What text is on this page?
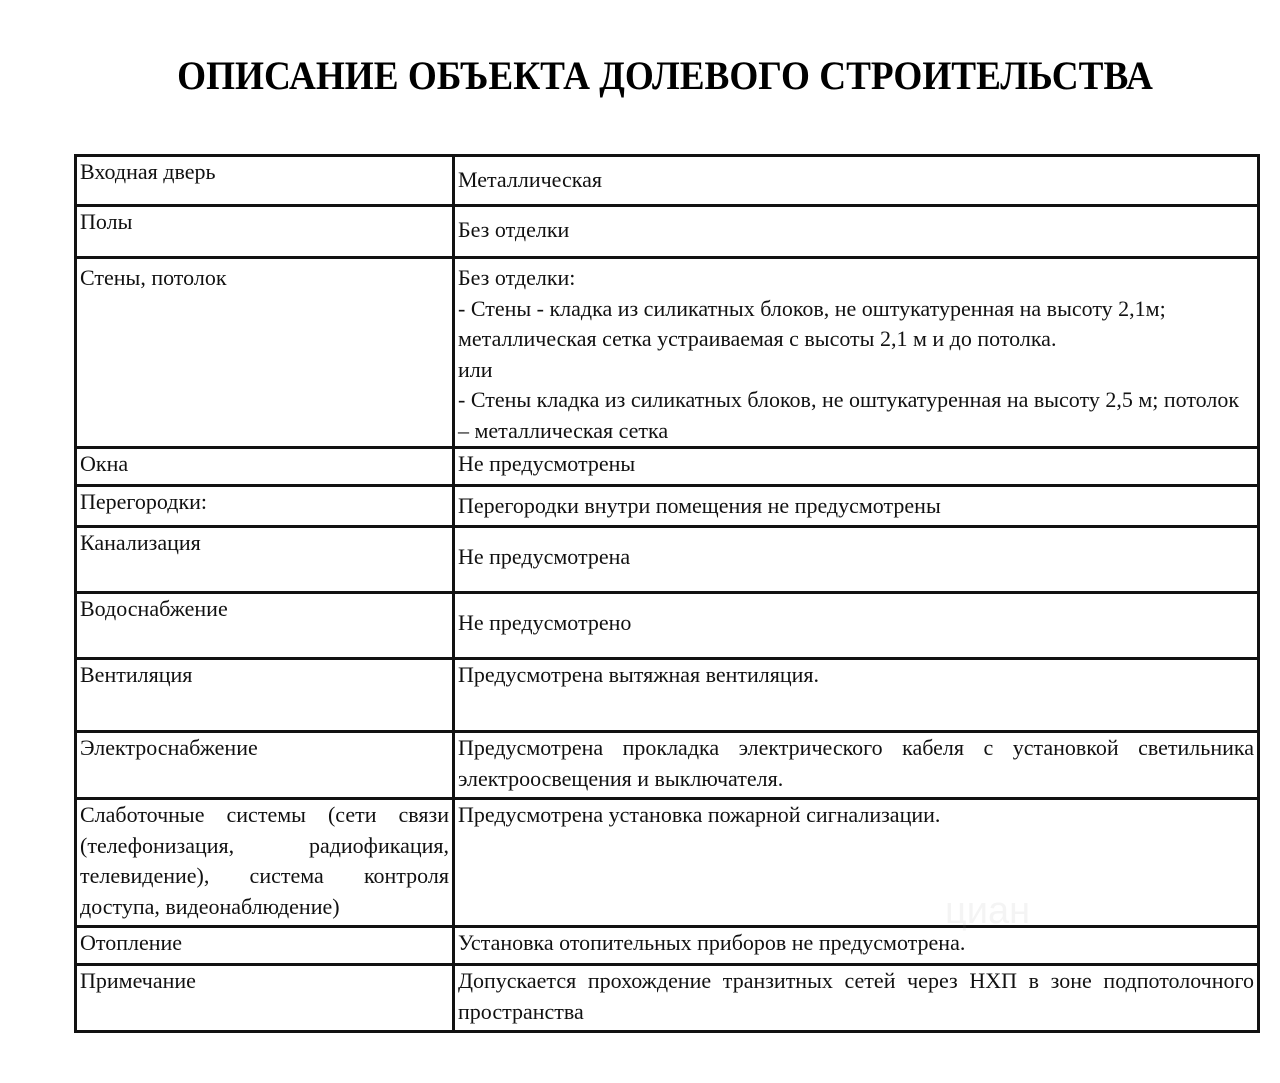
ОПИСАНИЕ ОБЪЕКТА ДОЛЕВОГО СТРОИТЕЛЬСТВА
Входная дверь	Металлическая
Полы	Без отделки
Стены, потолок	Без отделки:
- Стены - кладка из силикатных блоков, не оштукатуренная на высоту 2,1м; металлическая сетка устраиваемая с высоты 2,1 м и до потолка.
или
- Стены кладка из силикатных блоков, не оштукатуренная на высоту 2,5 м; потолок – металлическая сетка

Окна	Не предусмотрены
Перегородки:	Перегородки внутри помещения не предусмотрены
Канализация	Не предусмотрена
Водоснабжение	Не предусмотрено
Вентиляция	Предусмотрена вытяжная вентиляция.
Электроснабжение	Предусмотрена прокладка электрического кабеля с установкой светильника электроосвещения и выключателя.
Слаботочные системы (сети связи (телефонизация, радиофикация, телевидение), система контроля доступа, видеонаблюдение)	Предусмотрена установка пожарной сигнализации.
Отопление	Установка отопительных приборов не предусмотрена.
Примечание	Допускается прохождение транзитных сетей через НХП в зоне подпотолочного пространства
циан
